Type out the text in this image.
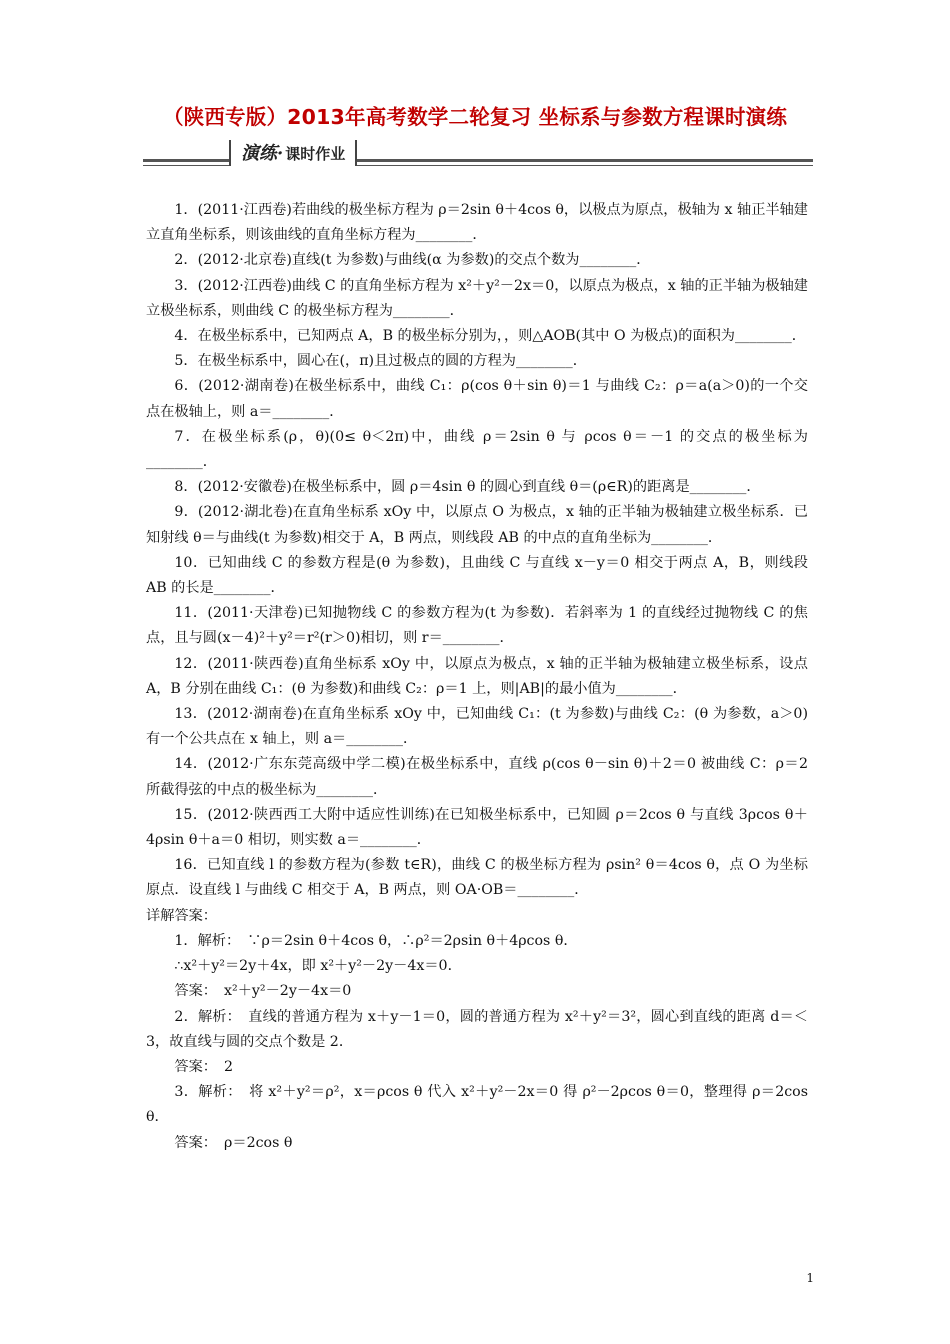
（陕西专版）2013年高考数学二轮复习 坐标系与参数方程课时演练
演练· 课时作业

1．(2011·江西卷)若曲线的极坐标方程为 ρ＝2sin θ＋4cos θ，以极点为原点，极轴为 x 轴正半轴建立直角坐标系，则该曲线的直角坐标方程为________．

2．(2012·北京卷)直线(t 为参数)与曲线(α 为参数)的交点个数为________．

3．(2012·江西卷)曲线 C 的直角坐标方程为 x²＋y²－2x＝0，以原点为极点，x 轴的正半轴为极轴建立极坐标系，则曲线 C 的极坐标方程为________．

4．在极坐标系中，已知两点 A，B 的极坐标分别为，，则△AOB(其中 O 为极点)的面积为________．

5．在极坐标系中，圆心在(，π)且过极点的圆的方程为________．

6．(2012·湖南卷)在极坐标系中，曲线 C₁：ρ(cos θ＋sin θ)＝1 与曲线 C₂：ρ＝a(a＞0)的一个交点在极轴上，则 a＝________．

7．在极坐标系(ρ，θ)(0≤ θ＜2π)中，曲线 ρ＝2sin θ 与 ρcos θ＝－1 的交点的极坐标为________．

8．(2012·安徽卷)在极坐标系中，圆 ρ＝4sin θ 的圆心到直线 θ＝(ρ∈R)的距离是________．

9．(2012·湖北卷)在直角坐标系 xOy 中，以原点 O 为极点，x 轴的正半轴为极轴建立极坐标系．已知射线 θ＝与曲线(t 为参数)相交于 A，B 两点，则线段 AB 的中点的直角坐标为________．

10．已知曲线 C 的参数方程是(θ 为参数)，且曲线 C 与直线 x－y＝0 相交于两点 A，B，则线段 AB 的长是________．

11．(2011·天津卷)已知抛物线 C 的参数方程为(t 为参数)．若斜率为 1 的直线经过抛物线 C 的焦点，且与圆(x－4)²＋y²＝r²(r＞0)相切，则 r＝________．

12．(2011·陕西卷)直角坐标系 xOy 中，以原点为极点，x 轴的正半轴为极轴建立极坐标系，设点 A，B 分别在曲线 C₁：(θ 为参数)和曲线 C₂：ρ＝1 上，则|AB|的最小值为________．

13．(2012·湖南卷)在直角坐标系 xOy 中，已知曲线 C₁：(t 为参数)与曲线 C₂：(θ 为参数，a＞0)有一个公共点在 x 轴上，则 a＝________．

14．(2012·广东东莞高级中学二模)在极坐标系中，直线 ρ(cos θ－sin θ)＋2＝0 被曲线 C：ρ＝2 所截得弦的中点的极坐标为________．

15．(2012·陕西西工大附中适应性训练)在已知极坐标系中，已知圆 ρ＝2cos θ 与直线 3ρcos θ＋4ρsin θ＋a＝0 相切，则实数 a＝________．

16．已知直线 l 的参数方程为(参数 t∈R)，曲线 C 的极坐标方程为 ρsin² θ＝4cos θ，点 O 为坐标原点．设直线 l 与曲线 C 相交于 A，B 两点，则 OA·OB＝________．

详解答案：

1．解析：　∵ρ＝2sin θ＋4cos θ，∴ρ²＝2ρsin θ＋4ρcos θ．

∴x²＋y²＝2y＋4x，即 x²＋y²－2y－4x＝0．

答案：　x²＋y²－2y－4x＝0

2．解析：　直线的普通方程为 x＋y－1＝0，圆的普通方程为 x²＋y²＝3²，圆心到直线的距离 d＝＜3，故直线与圆的交点个数是 2．

答案：　2

3．解析：　将 x²＋y²＝ρ²，x＝ρcos θ 代入 x²＋y²－2x＝0 得 ρ²－2ρcos θ＝0，整理得 ρ＝2cos θ．

答案：　ρ＝2cos θ

1
